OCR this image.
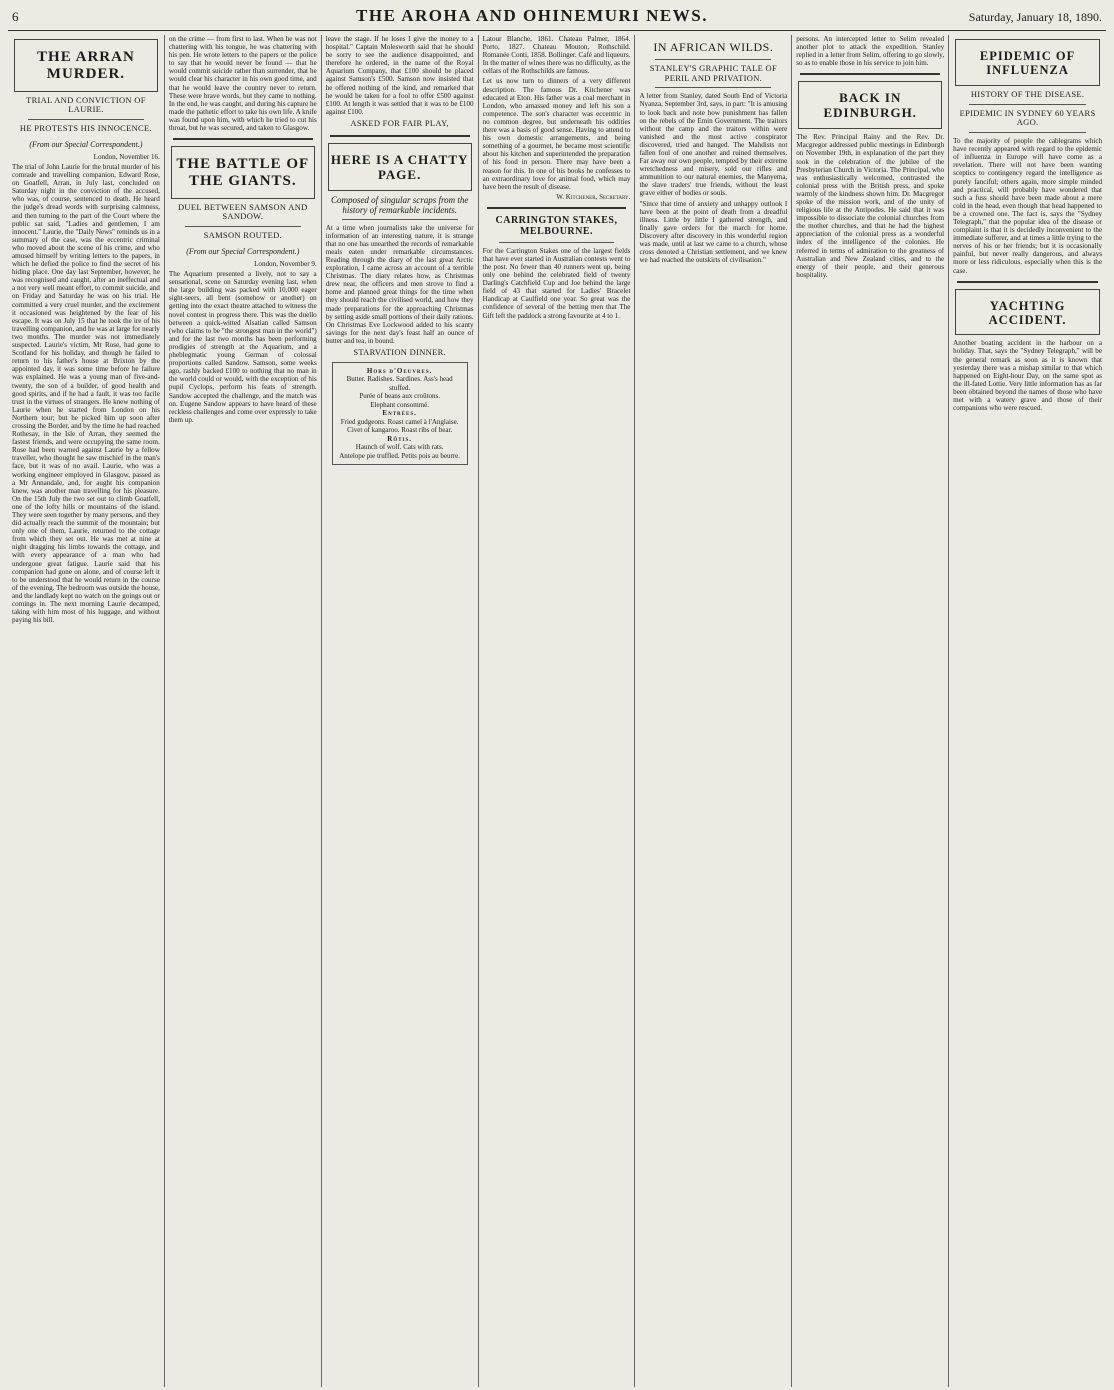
6	THE AROHA AND OHINEMURI NEWS.	Saturday, January 18, 1890.
THE ARRAN MURDER.
TRIAL AND CONVICTION OF LAURIE.
HE PROTESTS HIS INNOCENCE.
(From our Special Correspondent.)
London, November 16.

The trial of John Laurie for the brutal murder of his comrade and travelling companion, Edward Rose, on Goatfell, Arran, in July last, concluded on Saturday night in the conviction of the accused, who was, of course, sentenced to death. He heard the judge's dread words with surprising calmness, and then turning to the part of the Court where the public sat said, "Ladies and gentlemen, I am innocent." Laurie, the "Daily News" reminds us in a summary of the case, was the eccentric criminal who moved about the scene of his crime, and who amused himself by writing letters to the papers, in which he defied the police to find the secret of his hiding place. One day last September, however, he was recognised and caught, after an ineffectual and a not very well meant effort, to commit suicide, and on Friday and Saturday he was on his trial. He committed a very cruel murder, and the excitement it occasioned was heightened by the fear of his escape. It was on July 15 that he took the ire of his travelling companion, and he was at large for nearly two months. The murder was not immediately suspected. Laurie's victim, Mr Rose, had gone to Scotland for his holiday, and though he failed to return to his father's house at Brixton by the appointed day, it was some time before he failure was explained. He was a young man of five-and-twenty, the son of a builder, of good health and good spirits, and if he had a fault, it was too facile trust in the virtues of strangers. He knew nothing of Laurie when he started from London on his Northern tour; but he picked him up soon after crossing the Border, and by the time he had reached Rothesay, in the Isle of Arran, they seemed the fastest friends, and were occupying the same room. Rose had been warned against Laurie by a fellow traveller, who thought he saw mischief in the man's face, but it was of no avail. Laurie, who was a working engineer employed in Glasgow, passed as a Mr Annandale, and, for aught his companion knew, was another man travelling for his pleasure. On the 15th July the two set out to climb Goatfell, one of the lofty hills or mountains of the island. They were seen together by many persons, and they did actually reach the summit of the mountain; but only one of them, Laurie, returned to the cottage from which they set out. He was met at nine at night dragging his limbs towards the cottage, and with every appearance of a man who had undergone great fatigue. Laurie said that his companion had gone on alone, and of course left it to be understood that he would return in the course of the evening. The bedroom was outside the house, and the landlady kept no watch on the goings out or comings in. The next morning Laurie decamped, taking with him most of his luggage, and without paying his bill.

on the crime — from first to last. When he was not chattering with his tongue, he was chattering with his pen. He wrote letters to the papers or the police to say that he would never be found — that he would commit suicide rather than surrender, that he would clear his character in his own good time, and that he would leave the country never to return. These were brave words, but they came to nothing. In the end, he was caught, and during his capture he made the pathetic effort to take his own life. A knife was found upon him, with which he tried to cut his throat, but he was secured, and taken to Glasgow.

THE BATTLE OF THE GIANTS.
DUEL BETWEEN SAMSON AND SANDOW.
SAMSON ROUTED.
(From our Special Correspondent.)
London, November 9.

The Aquarium presented a lively, not to say a sensational, scene on Saturday evening last, when the large building was packed with 10,000 eager sight-seers, all bent (somehow or another) on getting into the exact theatre attached to witness the novel contest in progress there. This was the duello between a quick-witted Alsatian called Samson (who claims to be "the strongest man in the world") and for the last two months has been performing prodigies of strength at the Aquarium, and a pheblegmatic young German of colossal proportions called Sandow. Samson, some weeks ago, rashly backed £100 to nothing that no man in the world could or would, with the exception of his pupil Cyclops, perform his feats of strength. Sandow accepted the challenge, and the match was on. Eugene Sandow appears to have heard of these reckless challenges and come over expressly to take them up.

leave the stage. If he loses I give the money to a hospital." Captain Molesworth said that he should be sorry to see the audience disappointed, and therefore he ordered, in the name of the Royal Aquarium Company, that £100 should be placed against Samson's £500. Samson now insisted that he offered nothing of the kind, and remarked that he would be taken for a fool to offer £500 against £100. At length it was settled that it was to be £100 against £100.

ASKED FOR FAIR PLAY,
HERE IS A CHATTY PAGE.
Composed of singular scraps from the history of remarkable incidents.

At a time when journalists take the universe for information of an interesting nature, it is strange that no one has unearthed the records of remarkable meals eaten under remarkable circumstances. Reading through the diary of the last great Arctic exploration, I came across an account of a terrible Christmas. The diary relates how, as Christmas drew near, the officers and men strove to find a home and planned great things for the time when they should reach the civilised world, and how they made preparations for the approaching Christmas by setting aside small portions of their daily rations. On Christmas Eve Lockwood added to his scanty savings for the next day's feast half an ounce of butter and tea, in bound.

STARVATION DINNER.
Hors d'Oeuvres.
Butter. Radishes. Sardines. Ass's head stuffed.
Purée of beans aux croûtons.
Elephant consommé.
Entrées.
Fried gudgeons. Roast camel à l'Anglaise.
Civet of kangaroo. Roast ribs of bear.
Rôtis.
Haunch of wolf. Cats with rats.
Antelope pie truffled. Petits pois au beurre.

Latour Blanche, 1861. Chateau Palmer, 1864. Porto, 1827. Chateau Mouton, Rothschild. Romanée Conti, 1858. Bollinger. Café and liqueurs. In the matter of wines there was no difficulty, as the cellars of the Rothschilds are famous.

Let us now turn to dinners of a very different description. The famous Dr. Kitchener was educated at Eton. His father was a coal merchant in London, who amassed money and left his son a competence. The son's character was eccentric in no common degree, but underneath his oddities there was a basis of good sense. Having to attend to his own domestic arrangements, and being something of a gourmet, he became most scientific about his kitchen and superintended the preparation of his food in person. There may have been a reason for this. In one of his books he confesses to an extraordinary love for animal food, which may have been the result of disease.

W. Kitchener, Secretary.
CARRINGTON STAKES, MELBOURNE.

For the Carrington Stakes one of the largest fields that have ever started in Australian contests went to the post. No fewer than 40 runners went up, being only one behind the celebrated field of twenty Darling's Catchfield Cup and Joe behind the large field of 43 that started for Ladies' Bracelet Handicap at Caulfield one year. So great was the confidence of several of the betting men that The Gift left the paddock a strong favourite at 4 to 1.

IN AFRICAN WILDS.
STANLEY'S GRAPHIC TALE OF PERIL AND PRIVATION.

A letter from Stanley, dated South End of Victoria Nyanza, September 3rd, says, in part: "It is amusing to look back and note how punishment has fallen on the rebels of the Emin Government. The traitors without the camp and the traitors within were vanished and the most active conspirator discovered, tried and hanged. The Mahdists not fallen foul of one another and ruined themselves. Far away our own people, tempted by their extreme wretchedness and misery, sold our rifles and ammunition to our natural enemies, the Manyema, the slave traders' true friends, without the least grave either of bodies or souls.

"Since that time of anxiety and unhappy outlook I have been at the point of death from a dreadful illness. Little by little I gathered strength, and finally gave orders for the march for home. Discovery after discovery in this wonderful region was made, until at last we came to a church, whose cross denoted a Christian settlement, and we knew we had reached the outskirts of civilisation."

persons. An intercepted letter to Selim revealed another plot to attack the expedition. Stanley replied in a letter from Selim, offering to go slowly, so as to enable those in his service to join him.

BACK IN EDINBURGH.

The Rev. Principal Rainy and the Rev. Dr. Macgregor addressed public meetings in Edinburgh on November 19th, in explanation of the part they took in the celebration of the jubilee of the Presbyterian Church in Victoria. The Principal, who was enthusiastically welcomed, contrasted the colonial press with the British press, and spoke warmly of the kindness shown him. Dr. Macgregor spoke of the mission work, and of the unity of religious life at the Antipodes. He said that it was impossible to dissociate the colonial churches from the mother churches, and that he had the highest appreciation of the colonial press as a wonderful index of the intelligence of the colonies. He referred in terms of admiration to the greatness of Australian and New Zealand cities, and to the energy of their people, and their generous hospitality.

EPIDEMIC OF INFLUENZA
HISTORY OF THE DISEASE.
EPIDEMIC IN SYDNEY 60 YEARS AGO.

To the majority of people the cablegrams which have recently appeared with regard to the epidemic of influenza in Europe will have come as a revelation. There will not have been wanting sceptics to contingency regard the intelligence as purely fanciful; others again, more simple minded and practical, will probably have wondered that such a fuss should have been made about a mere cold in the head, even though that head happened to be a crowned one. The fact is, says the "Sydney Telegraph," that the popular idea of the disease or complaint is that it is decidedly inconvenient to the immediate sufferer, and at times a little trying to the nerves of his or her friends; but it is occasionally painful, but never really dangerous, and always more or less ridiculous, especially when this is the case.

YACHTING ACCIDENT.

Another boating accident in the harbour on a holiday. That, says the "Sydney Telegraph," will be the general remark as soon as it is known that yesterday there was a mishap similar to that which happened on Eight-hour Day, on the same spot as the ill-fated Lottie. Very little information has as far been obtained beyond the names of those who have met with a watery grave and those of their companions who were rescued.
